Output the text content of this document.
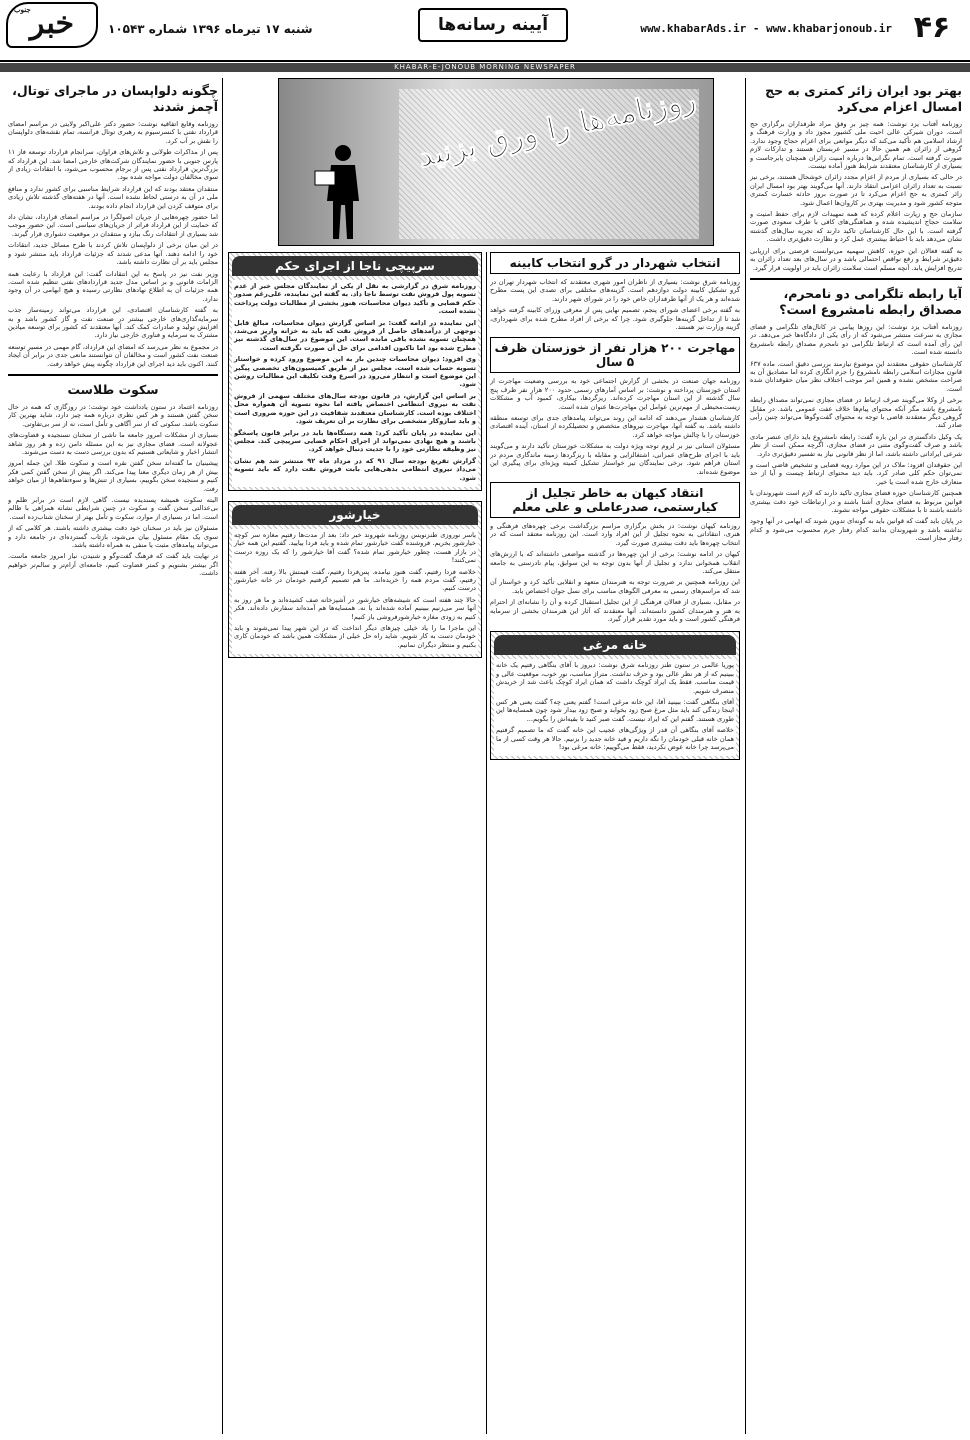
۴۶
www.khabarAds.ir - www.khabarjonoub.ir
آیینه رسانه‌ها
شنبه ۱۷ تیرماه ۱۳۹۶ شماره ۱۰۵۴۳
جنوب خبر
KHABAR-E-JONOUB MORNING NEWSPAPER
بهتر بود ایران زائر کمتری به حج امسال اعزام می‌کرد

روزنامه آفتاب یزد نوشت: همه چیز بر وفق مراد طرفداران برگزاری حج است. دوران شیرکی عالی احیت ملی کشیور مجوز داد و وزارت فرهنگ و ارشاد اسلامی هم تأکید می‌کند که دیگر موانعی برای اعزام حجاج وجود ندارد. گروهی از زائران هم همین حالا در مسیر عربستان هستند و تدارکات لازم صورت گرفته است. تمام نگرانی‌ها درباره امنیت زائران همچنان پابرجاست و بسیاری از کارشناسان معتقدند شرایط هنوز آماده نیست.

در حالی که بسیاری از مردم از اعزام مجدد زائران خوشحال هستند، برخی نیز نسبت به تعداد زائران اعزامی انتقاد دارند. آنها می‌گویند بهتر بود امسال ایران زائر کمتری به حج اعزام می‌کرد تا در صورت بروز حادثه خسارت کمتری متوجه کشور شود و مدیریت بهتری بر کاروان‌ها اعمال شود.

سازمان حج و زیارت اعلام کرده که همه تمهیدات لازم برای حفظ امنیت و سلامت حجاج اندیشیده شده و هماهنگی‌های کافی با طرف سعودی صورت گرفته است. با این حال کارشناسان تاکید دارند که تجربه سال‌های گذشته نشان می‌دهد باید با احتیاط بیشتری عمل کرد و نظارت دقیق‌تری داشت.

به گفته فعالان این حوزه، کاهش سهمیه می‌توانست فرصتی برای ارزیابی دقیق‌تر شرایط و رفع نواقص احتمالی باشد و در سال‌های بعد تعداد زائران به تدریج افزایش یابد. آنچه مسلم است سلامت زائران باید در اولویت قرار گیرد.

آیا رابطه تلگرامی دو نامحرم، مصداق رابطه نامشروع است؟

روزنامه آفتاب یزد نوشت: این روزها پیامی در کانال‌های تلگرامی و فضای مجازی به سرعت منتشر می‌شود که از رأی یکی از دادگاه‌ها خبر می‌دهد. در این رأی آمده است که ارتباط تلگرامی دو نامحرم مصداق رابطه نامشروع دانسته شده است.

کارشناسان حقوقی معتقدند این موضوع نیازمند بررسی دقیق است. ماده ۶۳۷ قانون مجازات اسلامی رابطه نامشروع را جرم انگاری کرده اما مصادیق آن به صراحت مشخص نشده و همین امر موجب اختلاف نظر میان حقوقدانان شده است.

برخی از وکلا می‌گویند صرف ارتباط در فضای مجازی نمی‌تواند مصداق رابطه نامشروع باشد مگر آنکه محتوای پیام‌ها خلاف عفت عمومی باشد. در مقابل گروهی دیگر معتقدند قاضی با توجه به محتوای گفت‌وگوها می‌تواند چنین رأیی صادر کند.

یک وکیل دادگستری در این باره گفت: رابطه نامشروع باید دارای عنصر مادی باشد و صرف گفت‌وگوی متنی در فضای مجازی، اگرچه ممکن است از نظر شرعی ایراداتی داشته باشد، اما از نظر قانونی نیاز به تفسیر دقیق‌تری دارد.

این حقوقدان افزود: ملاک در این موارد رویه قضایی و تشخیص قاضی است و نمی‌توان حکم کلی صادر کرد. باید دید محتوای ارتباط چیست و آیا از حد متعارف خارج شده است یا خیر.

همچنین کارشناسان حوزه فضای مجازی تاکید دارند که لازم است شهروندان با قوانین مربوط به فضای مجازی آشنا باشند و در ارتباطات خود دقت بیشتری داشته باشند تا با مشکلات حقوقی مواجه نشوند.

در پایان باید گفت که قوانین باید به گونه‌ای تدوین شوند که ابهامی در آنها وجود نداشته باشد و شهروندان بدانند کدام رفتار جرم محسوب می‌شود و کدام رفتار مجاز است.

روزنامه‌ها را ورق بزنید
انتخاب شهردار در گرو انتخاب کابینه

روزنامه شرق نوشت: بسیاری از ناظران امور شهری معتقدند که انتخاب شهردار تهران در گرو تشکیل کابینه دولت دوازدهم است. گزینه‌های مختلفی برای تصدی این پست مطرح شده‌اند و هر یک از آنها طرفداران خاص خود را در شورای شهر دارند.

به گفته برخی اعضای شورای پنجم، تصمیم نهایی پس از معرفی وزرای کابینه گرفته خواهد شد تا از تداخل گزینه‌ها جلوگیری شود. چرا که برخی از افراد مطرح شده برای شهرداری، گزینه وزارت نیز هستند.

مهاجرت ۲۰۰ هزار نفر از خوزستان ظرف ۵ سال

روزنامه جهان صنعت در بخشی از گزارش اجتماعی خود به بررسی وضعیت مهاجرت از استان خوزستان پرداخته و نوشت: بر اساس آمارهای رسمی حدود ۲۰۰ هزار نفر ظرف پنج سال گذشته از این استان مهاجرت کرده‌اند. ریزگردها، بیکاری، کمبود آب و مشکلات زیست‌محیطی از مهم‌ترین عوامل این مهاجرت‌ها عنوان شده است.

کارشناسان هشدار می‌دهند که ادامه این روند می‌تواند پیامدهای جدی برای توسعه منطقه داشته باشد. به گفته آنها، مهاجرت نیروهای متخصص و تحصیلکرده از استان، آینده اقتصادی خوزستان را با چالش مواجه خواهد کرد.

مسئولان استانی نیز بر لزوم توجه ویژه دولت به مشکلات خوزستان تأکید دارند و می‌گویند باید با اجرای طرح‌های عمرانی، اشتغالزایی و مقابله با ریزگردها زمینه ماندگاری مردم در استان فراهم شود. برخی نمایندگان نیز خواستار تشکیل کمیته ویژه‌ای برای پیگیری این موضوع شده‌اند.

انتقاد کیهان به خاطر تجلیل از کیارستمی، صدرعاملی و علی معلم

روزنامه کیهان نوشت: در بخش برگزاری مراسم بزرگداشت برخی چهره‌های فرهنگی و هنری، انتقاداتی به نحوه تجلیل از این افراد وارد است. این روزنامه معتقد است که در انتخاب چهره‌ها باید دقت بیشتری صورت گیرد.

کیهان در ادامه نوشت: برخی از این چهره‌ها در گذشته مواضعی داشته‌اند که با ارزش‌های انقلاب همخوانی ندارد و تجلیل از آنها بدون توجه به این سوابق، پیام نادرستی به جامعه منتقل می‌کند.

این روزنامه همچنین بر ضرورت توجه به هنرمندان متعهد و انقلابی تأکید کرد و خواستار آن شد که مراسم‌های رسمی به معرفی الگوهای مناسب برای نسل جوان اختصاص یابد.

در مقابل، بسیاری از فعالان فرهنگی از این تجلیل استقبال کرده و آن را نشانه‌ای از احترام به هنر و هنرمندان کشور دانسته‌اند. آنها معتقدند که آثار این هنرمندان بخشی از سرمایه فرهنگی کشور است و باید مورد تقدیر قرار گیرد.

خانه مرغی

پوریا عالمی در ستون طنز روزنامه شرق نوشت: دیروز با آقای بنگاهی رفتیم یک خانه ببینیم که از هر نظر عالی بود و حرف نداشت. متراژ مناسب، نور خوب، موقعیت عالی و قیمت مناسب. فقط یک ایراد کوچک داشت که همان ایراد کوچک باعث شد از خریدش منصرف شویم.

آقای بنگاهی گفت: ببینید آقا، این خانه مرغی است! گفتم یعنی چه؟ گفت یعنی هر کس اینجا زندگی کند باید مثل مرغ صبح زود بخوابد و صبح زود بیدار شود چون همسایه‌ها این طوری هستند. گفتم این که ایراد نیست. گفت صبر کنید تا بقیه‌اش را بگویم...

خلاصه آقای بنگاهی آن قدر از ویژگی‌های عجیب این خانه گفت که ما تصمیم گرفتیم همان خانه قبلی خودمان را نگه داریم و قید خانه جدید را بزنیم. حالا هر وقت کسی از ما می‌پرسد چرا خانه عوض نکردید، فقط می‌گوییم: خانه مرغی بود!

سرپیچی ناجا از اجرای حکم

روزنامه شرق در گزارشی به نقل از یکی از نمایندگان مجلس خبر از عدم تسویه پول فروش نفت توسط ناجا داد. به گفته این نماینده، علی‌رغم صدور حکم قضایی و تأکید دیوان محاسبات، هنوز بخشی از مطالبات دولت پرداخت نشده است.

این نماینده در ادامه گفت: بر اساس گزارش دیوان محاسبات، مبالغ قابل توجهی از درآمدهای حاصل از فروش نفت که باید به خزانه واریز می‌شد، همچنان تسویه نشده باقی مانده است. این موضوع در سال‌های گذشته نیز مطرح شده بود اما تاکنون اقدامی برای حل آن صورت نگرفته است.

وی افزود: دیوان محاسبات چندین بار به این موضوع ورود کرده و خواستار تسویه حساب شده است. مجلس نیز از طریق کمیسیون‌های تخصصی پیگیر این موضوع است و انتظار می‌رود در اسرع وقت تکلیف این مطالبات روشن شود.

بر اساس این گزارش، در قانون بودجه سال‌های مختلف سهمی از فروش نفت به نیروی انتظامی اختصاص یافته اما نحوه تسویه آن همواره محل اختلاف بوده است. کارشناسان معتقدند شفافیت در این حوزه ضروری است و باید سازوکار مشخصی برای نظارت بر آن تعریف شود.

این نماینده در پایان تأکید کرد: همه دستگاه‌ها باید در برابر قانون پاسخگو باشند و هیچ نهادی نمی‌تواند از اجرای احکام قضایی سرپیچی کند. مجلس نیز وظیفه نظارتی خود را با جدیت دنبال خواهد کرد.

گزارش تفریغ بودجه سال ۹۱ که در مرداد ماه ۹۲ منتشر شد هم نشان می‌داد نیروی انتظامی بدهی‌هایی بابت فروش نفت دارد که باید تسویه شود.

خیارشور

یاسر نوروزی طنزنویس روزنامه شهروند خبر داد: بعد از مدت‌ها رفتیم مغازه سر کوچه خیارشور بخریم. فروشنده گفت خیارشور تمام شده و باید فردا بیایید. گفتیم این همه خیار در بازار هست، چطور خیارشور تمام شده؟ گفت آقا خیارشور را که یک روزه درست نمی‌کنند!

خلاصه فردا رفتیم، گفت هنوز نیامده. پس‌فردا رفتیم، گفت قیمتش بالا رفته. آخر هفته رفتیم، گفت مردم همه را خریده‌اند. ما هم تصمیم گرفتیم خودمان در خانه خیارشور درست کنیم.

حالا چند هفته است که شیشه‌های خیارشور در آشپزخانه صف کشیده‌اند و ما هر روز به آنها سر می‌زنیم ببینیم آماده شده‌اند یا نه. همسایه‌ها هم آمده‌اند سفارش داده‌اند. فکر کنیم به زودی مغازه خیارشورفروشی باز کنیم!

این ماجرا ما را یاد خیلی چیزهای دیگر انداخت که در این شهر پیدا نمی‌شوند و باید خودمان دست به کار شویم. شاید راه حل خیلی از مشکلات همین باشد که خودمان کاری بکنیم و منتظر دیگران نمانیم.

چگونه دلواپسان در ماجرای توتال، آچمز شدند

روزنامه وقایع اتفاقیه نوشت: حضور دکتر علی‌اکبر ولایتی در مراسم امضای قرارداد نفتی با کنسرسیوم به رهبری توتال فرانسه، تمام نقشه‌های دلواپسان را نقش بر آب کرد.

پس از مذاکرات طولانی و تلاش‌های فراوان، سرانجام قرارداد توسعه فاز ۱۱ پارس جنوبی با حضور نمایندگان شرکت‌های خارجی امضا شد. این قرارداد که بزرگ‌ترین قرارداد نفتی پس از برجام محسوب می‌شود، با انتقادات زیادی از سوی مخالفان دولت مواجه شده بود.

منتقدان معتقد بودند که این قرارداد شرایط مناسبی برای کشور ندارد و منافع ملی در آن به درستی لحاظ نشده است. آنها در هفته‌های گذشته تلاش زیادی برای متوقف کردن این قرارداد انجام داده بودند.

اما حضور چهره‌هایی از جریان اصولگرا در مراسم امضای قرارداد، نشان داد که حمایت از این قرارداد فراتر از جریان‌های سیاسی است. این حضور موجب شد بسیاری از انتقادات رنگ ببازد و منتقدان در موقعیت دشواری قرار گیرند.

در این میان برخی از دلواپسان تلاش کردند با طرح مسائل جدید، انتقادات خود را ادامه دهند. آنها مدعی شدند که جزئیات قرارداد باید منتشر شود و مجلس باید بر آن نظارت داشته باشد.

وزیر نفت نیز در پاسخ به این انتقادات گفت: این قرارداد با رعایت همه الزامات قانونی و بر اساس مدل جدید قراردادهای نفتی تنظیم شده است. همه جزئیات آن به اطلاع نهادهای نظارتی رسیده و هیچ ابهامی در آن وجود ندارد.

به گفته کارشناسان اقتصادی، این قرارداد می‌تواند زمینه‌ساز جذب سرمایه‌گذاری‌های خارجی بیشتر در صنعت نفت و گاز کشور باشد و به افزایش تولید و صادرات کمک کند. آنها معتقدند که کشور برای توسعه میادین مشترک به سرمایه و فناوری خارجی نیاز دارد.

در مجموع به نظر می‌رسد که امضای این قرارداد، گام مهمی در مسیر توسعه صنعت نفت کشور است و مخالفان آن نتوانستند مانعی جدی در برابر آن ایجاد کنند. اکنون باید دید اجرای این قرارداد چگونه پیش خواهد رفت.

سکوت طلاست

روزنامه اعتماد در ستون یادداشت خود نوشت: در روزگاری که همه در حال سخن گفتن هستند و هر کس نظری درباره همه چیز دارد، شاید بهترین کار سکوت باشد. سکوتی که از سر آگاهی و تأمل است، نه از سر بی‌تفاوتی.

بسیاری از مشکلات امروز جامعه ما ناشی از سخنان نسنجیده و قضاوت‌های عجولانه است. فضای مجازی نیز به این مسئله دامن زده و هر روز شاهد انتشار اخبار و شایعاتی هستیم که بدون بررسی دست به دست می‌شوند.

پیشینیان ما گفته‌اند سخن گفتن نقره است و سکوت طلا. این جمله امروز بیش از هر زمان دیگری معنا پیدا می‌کند. اگر پیش از سخن گفتن کمی فکر کنیم و سنجیده سخن بگوییم، بسیاری از تنش‌ها و سوءتفاهم‌ها از میان خواهد رفت.

البته سکوت همیشه پسندیده نیست. گاهی لازم است در برابر ظلم و بی‌عدالتی سخن گفت و سکوت در چنین شرایطی نشانه همراهی با ظالم است. اما در بسیاری از موارد، سکوت و تأمل بهتر از سخنان شتاب‌زده است.

مسئولان نیز باید در سخنان خود دقت بیشتری داشته باشند. هر کلامی که از سوی یک مقام مسئول بیان می‌شود، بازتاب گسترده‌ای در جامعه دارد و می‌تواند پیامدهای مثبت یا منفی به همراه داشته باشد.

در نهایت باید گفت که فرهنگ گفت‌وگو و شنیدن، نیاز امروز جامعه ماست. اگر بیشتر بشنویم و کمتر قضاوت کنیم، جامعه‌ای آرام‌تر و سالم‌تر خواهیم داشت.
